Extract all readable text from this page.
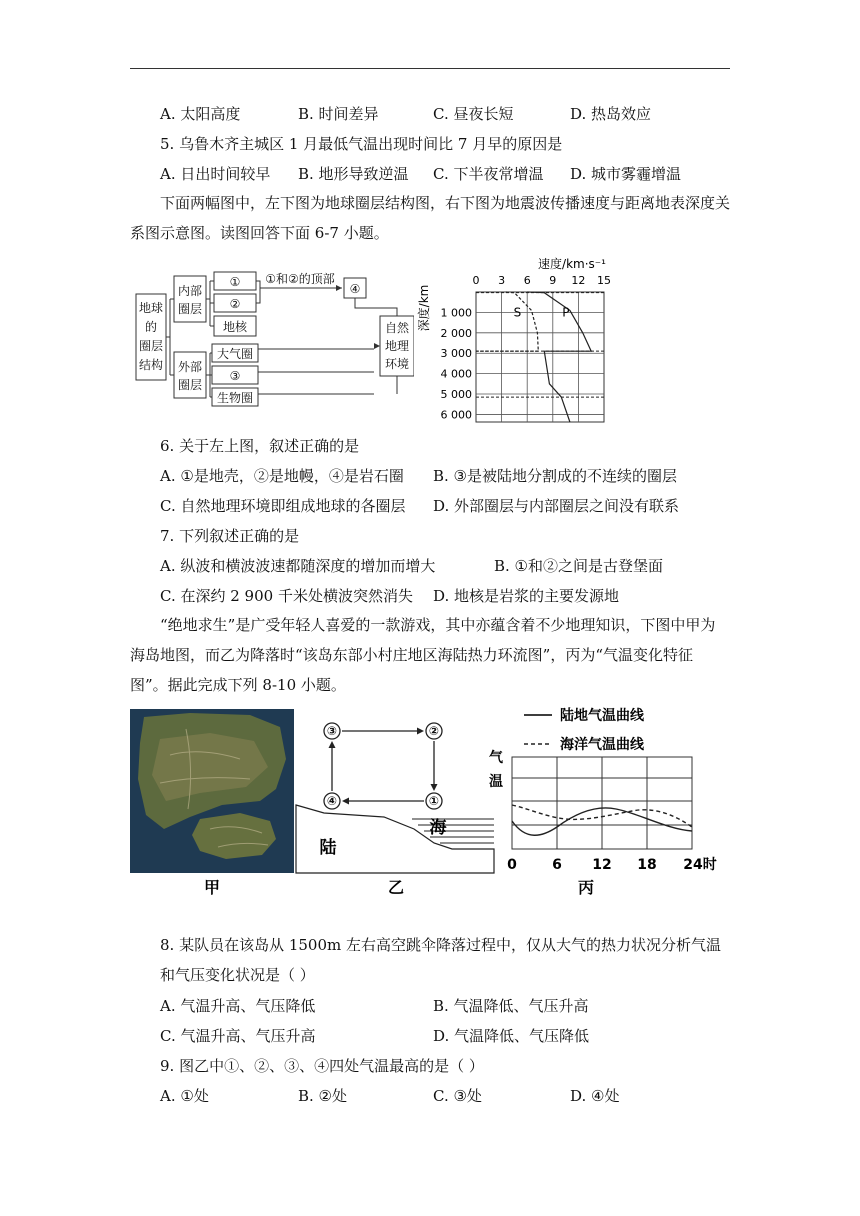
A. 太阳高度	B. 时间差异	C. 昼夜长短	D. 热岛效应
5. 乌鲁木齐主城区 1 月最低气温出现时间比 7 月早的原因是
A. 日出时间较早 B. 地形导致逆温 C. 下半夜常增温 D. 城市雾霾增温
下面两幅图中，左下图为地球圈层结构图，右下图为地震波传播速度与距离地表深度关系图示意图。读图回答下面 6-7 小题。
地球
的
圈层
结构
内部
圈层
外部
圈层
①
②
地核
大气圈
③
生物圈
①和②的顶部
④
自然
地理
环境
速度/km·s⁻¹
深度/km
0 3 6 9 12 15
1 000
2 000
3 000
4 000
5 000
6 000
S	P
6. 关于左上图，叙述正确的是
A. ①是地壳，②是地幔，④是岩石圈 B. ③是被陆地分割成的不连续的圈层
C. 自然地理环境即组成地球的各圈层 D. 外部圈层与内部圈层之间没有联系
7. 下列叙述正确的是
A. 纵波和横波波速都随深度的增加而增大	B. ①和②之间是古登堡面
C. 在深约 2 900 千米处横波突然消失 D. 地核是岩浆的主要发源地
“绝地求生”是广受年轻人喜爱的一款游戏，其中亦蕴含着不少地理知识，下图中甲为海岛地图，而乙为降落时“该岛东部小村庄地区海陆热力环流图”，丙为“气温变化特征图”。据此完成下列 8-10 小题。
甲
③	②
①
④
陆
海
乙
陆地气温曲线
海洋气温曲线
气
温
0	6 12 18 24时
丙
8. 某队员在该岛从 1500m 左右高空跳伞降落过程中，仅从大气的热力状况分析气温和气压变化状况是（ ）
A. 气温升高、气压降低	B. 气温降低、气压升高
C. 气温升高、气压升高	D. 气温降低、气压降低
9. 图乙中①、②、③、④四处气温最高的是（ ）
A. ①处	B. ②处	C. ③处	D. ④处
